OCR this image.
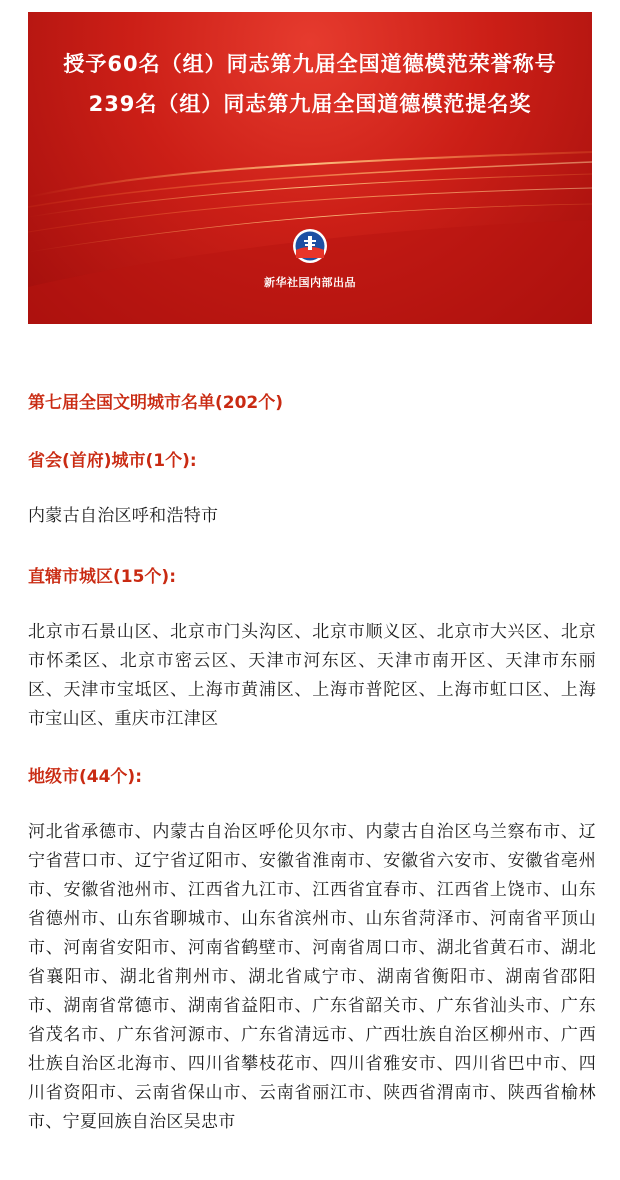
授予60名（组）同志第九届全国道德模范荣誉称号
239名（组）同志第九届全国道德模范提名奖
新华社国内部出品
第七届全国文明城市名单(202个)
省会(首府)城市(1个):
内蒙古自治区呼和浩特市
直辖市城区(15个):
北京市石景山区、北京市门头沟区、北京市顺义区、北京市大兴区、北京市怀柔区、北京市密云区、天津市河东区、天津市南开区、天津市东丽区、天津市宝坻区、上海市黄浦区、上海市普陀区、上海市虹口区、上海市宝山区、重庆市江津区
地级市(44个):
河北省承德市、内蒙古自治区呼伦贝尔市、内蒙古自治区乌兰察布市、辽宁省营口市、辽宁省辽阳市、安徽省淮南市、安徽省六安市、安徽省亳州市、安徽省池州市、江西省九江市、江西省宜春市、江西省上饶市、山东省德州市、山东省聊城市、山东省滨州市、山东省菏泽市、河南省平顶山市、河南省安阳市、河南省鹤壁市、河南省周口市、湖北省黄石市、湖北省襄阳市、湖北省荆州市、湖北省咸宁市、湖南省衡阳市、湖南省邵阳市、湖南省常德市、湖南省益阳市、广东省韶关市、广东省汕头市、广东省茂名市、广东省河源市、广东省清远市、广西壮族自治区柳州市、广西壮族自治区北海市、四川省攀枝花市、四川省雅安市、四川省巴中市、四川省资阳市、云南省保山市、云南省丽江市、陕西省渭南市、陕西省榆林市、宁夏回族自治区吴忠市
